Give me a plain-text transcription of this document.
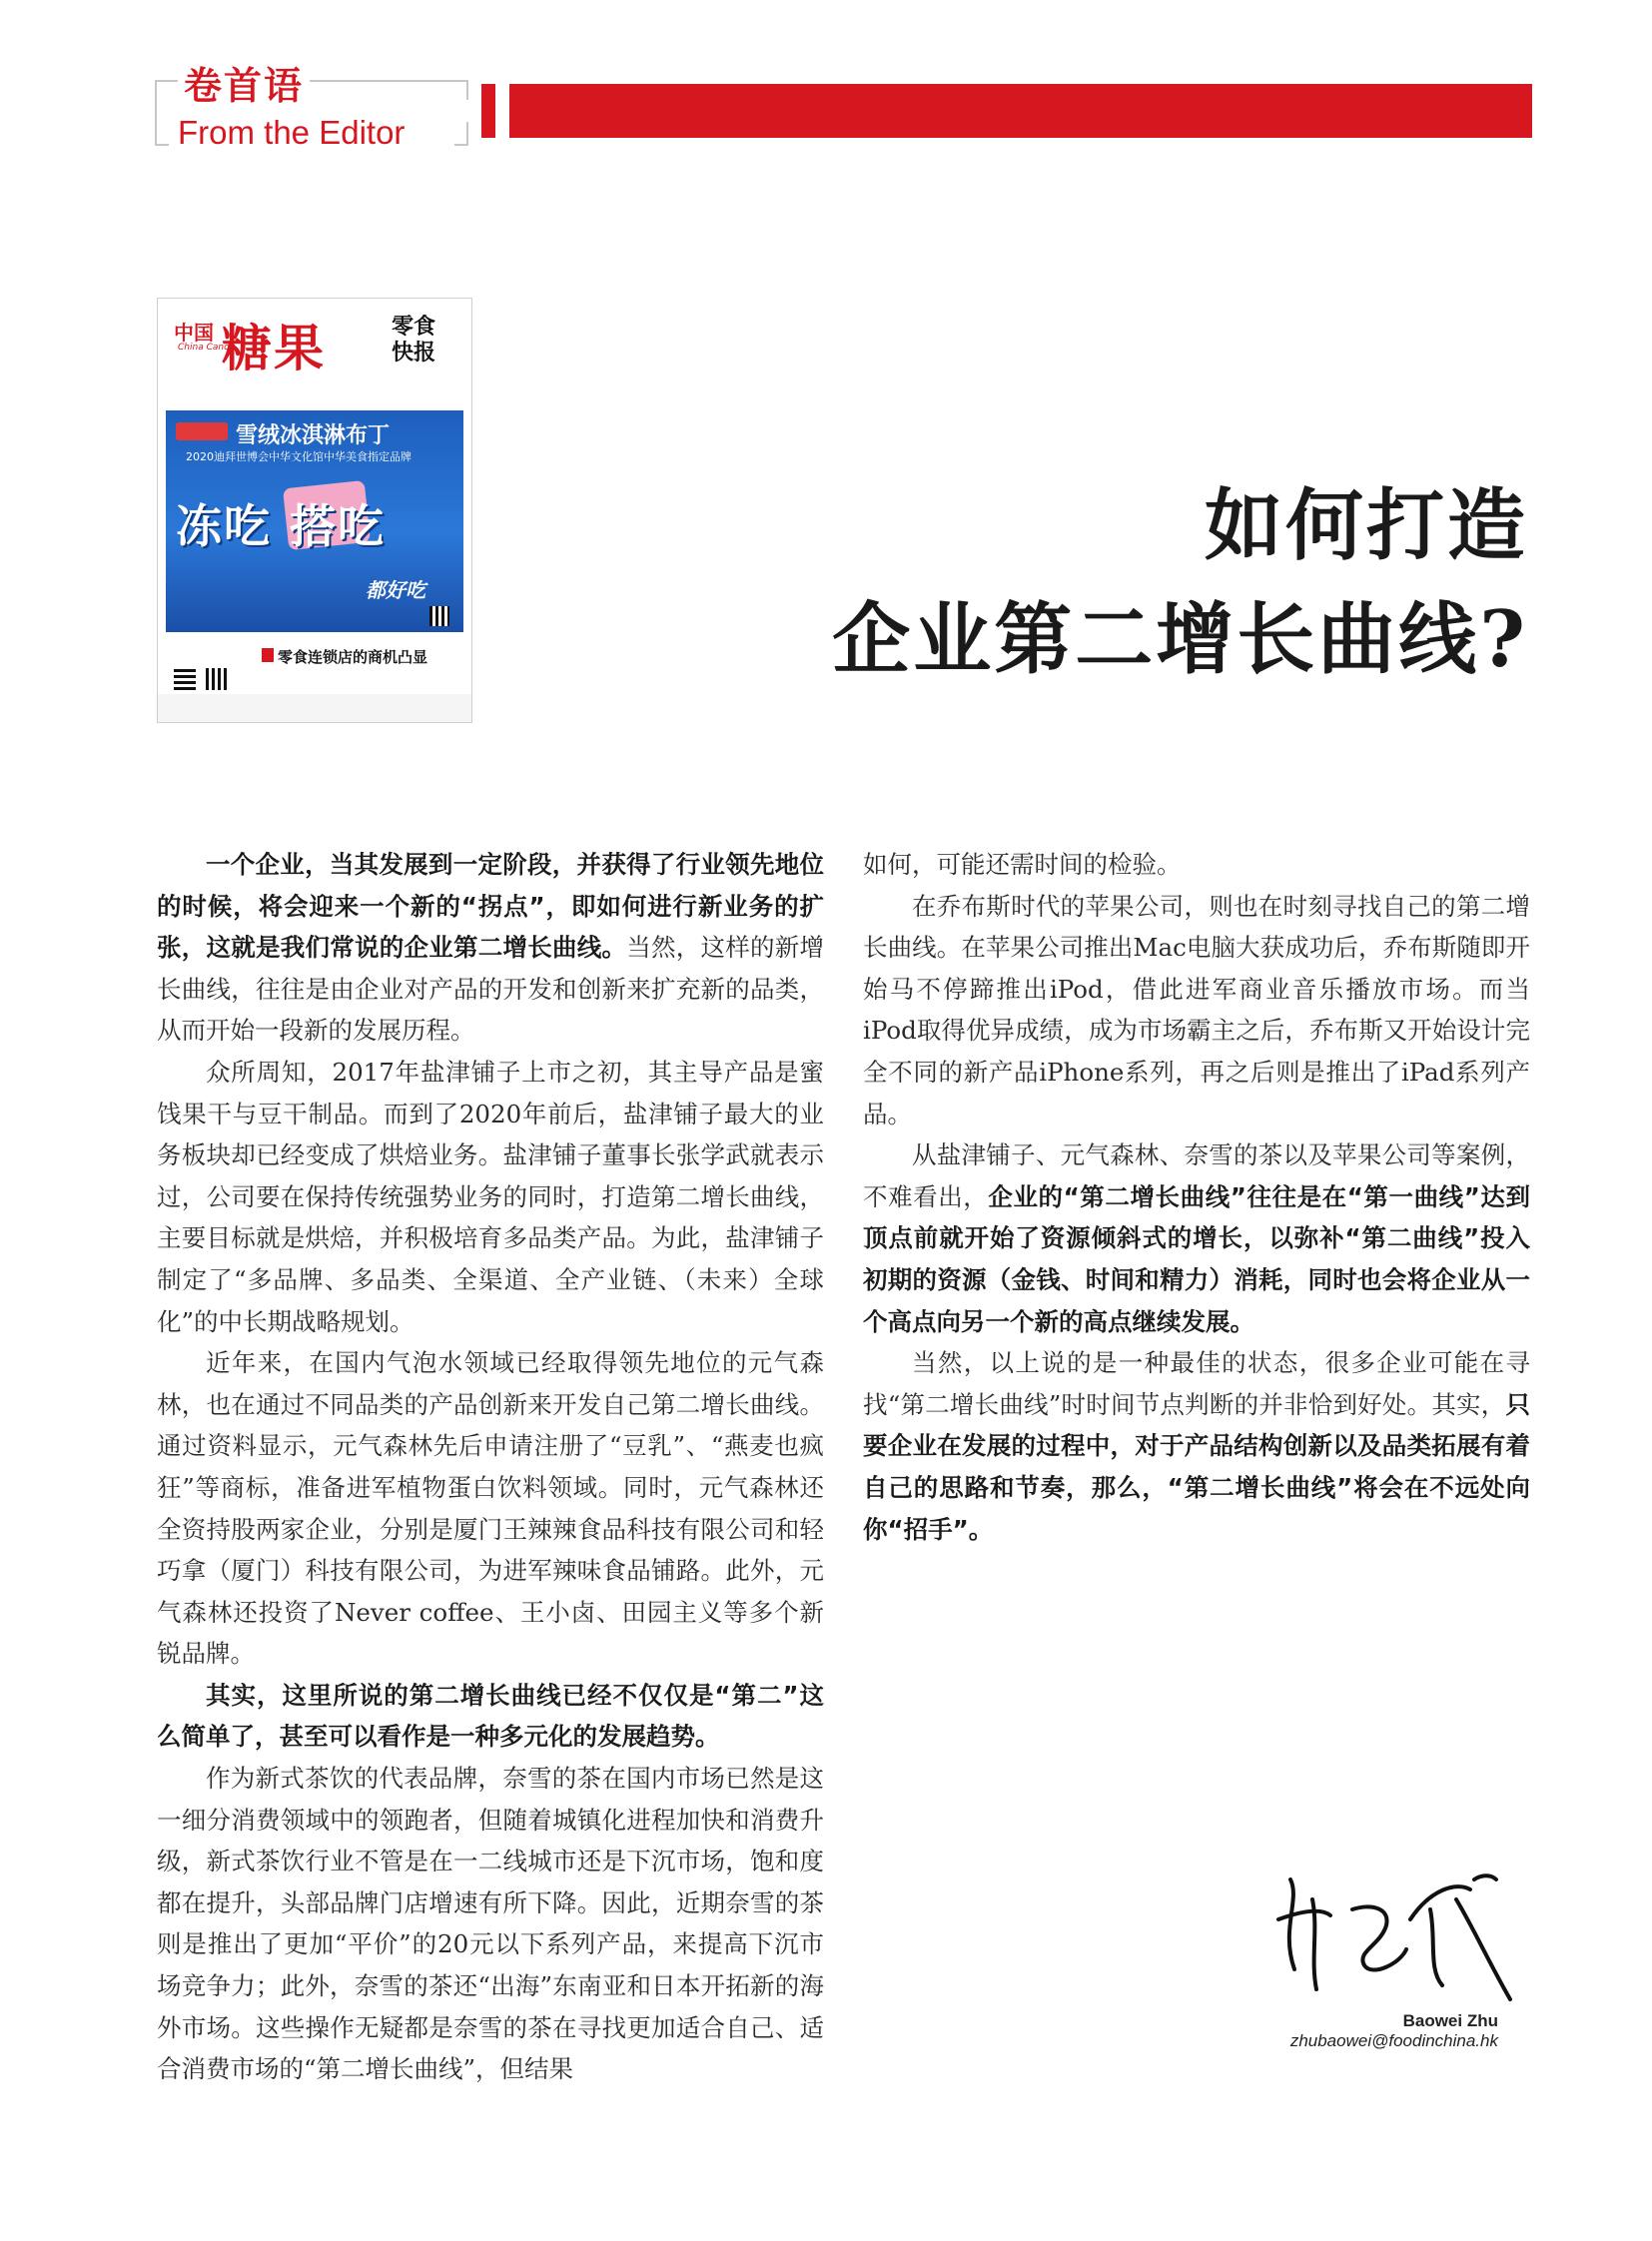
卷首语
From the Editor
中国
China Candy
糖果	零食快报
雪绒冰淇淋布丁
2020迪拜世博会中华文化馆中华美食指定品牌
冻吃 搭吃
都好吃
零食连锁店的商机凸显
如何打造
企业第二增长曲线?

一个企业，当其发展到一定阶段，并获得了行业领先地位的时候，将会迎来一个新的“拐点”，即如何进行新业务的扩张，这就是我们常说的企业第二增长曲线。当然，这样的新增长曲线，往往是由企业对产品的开发和创新来扩充新的品类，从而开始一段新的发展历程。

众所周知，2017年盐津铺子上市之初，其主导产品是蜜饯果干与豆干制品。而到了2020年前后，盐津铺子最大的业务板块却已经变成了烘焙业务。盐津铺子董事长张学武就表示过，公司要在保持传统强势业务的同时，打造第二增长曲线，主要目标就是烘焙，并积极培育多品类产品。为此，盐津铺子制定了“多品牌、多品类、全渠道、全产业链、（未来）全球化”的中长期战略规划。

近年来，在国内气泡水领域已经取得领先地位的元气森林，也在通过不同品类的产品创新来开发自己第二增长曲线。通过资料显示，元气森林先后申请注册了“豆乳”、“燕麦也疯狂”等商标，准备进军植物蛋白饮料领域。同时，元气森林还全资持股两家企业，分别是厦门王辣辣食品科技有限公司和轻巧拿（厦门）科技有限公司，为进军辣味食品铺路。此外，元气森林还投资了Never coffee、王小卤、田园主义等多个新锐品牌。

其实，这里所说的第二增长曲线已经不仅仅是“第二”这么简单了，甚至可以看作是一种多元化的发展趋势。

作为新式茶饮的代表品牌，奈雪的茶在国内市场已然是这一细分消费领域中的领跑者，但随着城镇化进程加快和消费升级，新式茶饮行业不管是在一二线城市还是下沉市场，饱和度都在提升，头部品牌门店增速有所下降。因此，近期奈雪的茶则是推出了更加“平价”的20元以下系列产品，来提高下沉市场竞争力；此外，奈雪的茶还“出海”东南亚和日本开拓新的海外市场。这些操作无疑都是奈雪的茶在寻找更加适合自己、适合消费市场的“第二增长曲线”，但结果

如何，可能还需时间的检验。

在乔布斯时代的苹果公司，则也在时刻寻找自己的第二增长曲线。在苹果公司推出Mac电脑大获成功后，乔布斯随即开始马不停蹄推出iPod，借此进军商业音乐播放市场。而当iPod取得优异成绩，成为市场霸主之后，乔布斯又开始设计完全不同的新产品iPhone系列，再之后则是推出了iPad系列产品。

从盐津铺子、元气森林、奈雪的茶以及苹果公司等案例，不难看出，企业的“第二增长曲线”往往是在“第一曲线”达到顶点前就开始了资源倾斜式的增长，以弥补“第二曲线”投入初期的资源（金钱、时间和精力）消耗，同时也会将企业从一个高点向另一个新的高点继续发展。

当然，以上说的是一种最佳的状态，很多企业可能在寻找“第二增长曲线”时时间节点判断的并非恰到好处。其实，只要企业在发展的过程中，对于产品结构创新以及品类拓展有着自己的思路和节奏，那么，“第二增长曲线”将会在不远处向你“招手”。

Baowei Zhu
zhubaowei@foodinchina.hk
